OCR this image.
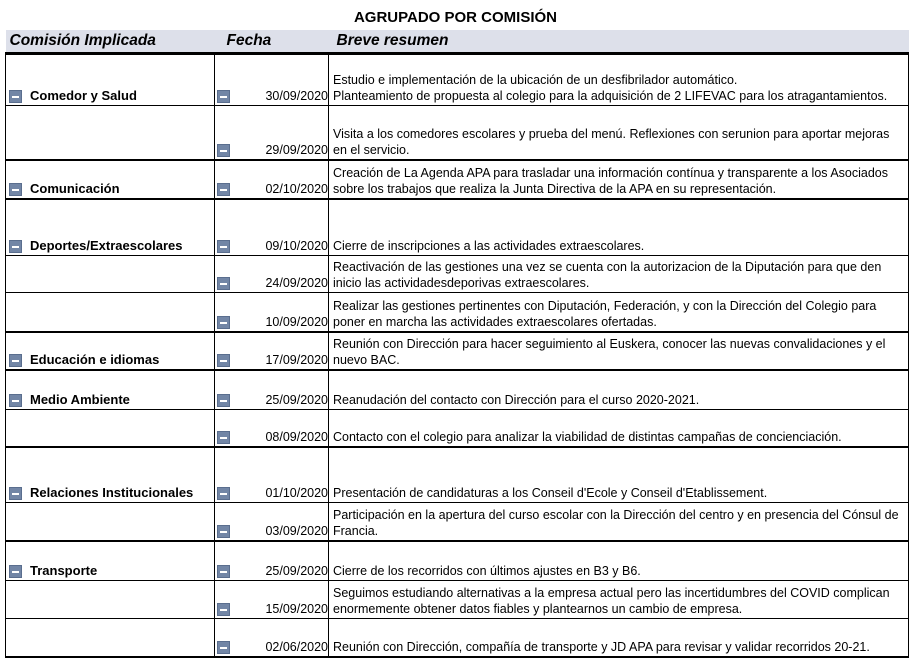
AGRUPADO POR COMISIÓN
Comisión Implicada	Fecha	Breve resumen

Comedor y Salud	30/09/2020	Estudio e implementación de la ubicación de un desfibrilador automático.
Planteamiento de propuesta al colegio para la adquisición de 2 LIFEVAC para los atragantamientos.

	29/09/2020	Visita a los comedores escolares y prueba del menú. Reflexiones con serunion para aportar mejoras en el servicio.

Comunicación	02/10/2020	Creación de La Agenda APA para trasladar una información contínua y transparente a los Asociados sobre los trabajos que realiza la Junta Directiva de la APA en su representación.

Deportes/Extraescolares	09/10/2020	Cierre de inscripciones a las actividades extraescolares.

	24/09/2020	Reactivación de las gestiones una vez se cuenta con la autorizacion de la Diputación para que den inicio las actividadesdeporivas extraescolares.

	10/09/2020	Realizar las gestiones pertinentes con Diputación, Federación, y con la Dirección del Colegio para poner en marcha las actividades extraescolares ofertadas.

Educación e idiomas	17/09/2020	Reunión con Dirección para hacer seguimiento al Euskera, conocer las nuevas convalidaciones y el nuevo BAC.

Medio Ambiente	25/09/2020	Reanudación del contacto con Dirección para el curso 2020-2021.

	08/09/2020	Contacto con el colegio para analizar la viabilidad de distintas campañas de concienciación.

Relaciones Institucionales	01/10/2020	Presentación de candidaturas a los Conseil d'Ecole y Conseil d'Etablissement.

	03/09/2020	Participación en la apertura del curso escolar con la Dirección del centro y en presencia del Cónsul de Francia.

Transporte	25/09/2020	Cierre de los recorridos con últimos ajustes en B3 y B6.

	15/09/2020	Seguimos estudiando alternativas a la empresa actual pero las incertidumbres del COVID complican enormemente obtener datos fiables y plantearnos un cambio de empresa.

	02/06/2020	Reunión con Dirección, compañía de transporte y JD APA para revisar y validar recorridos 20-21.
